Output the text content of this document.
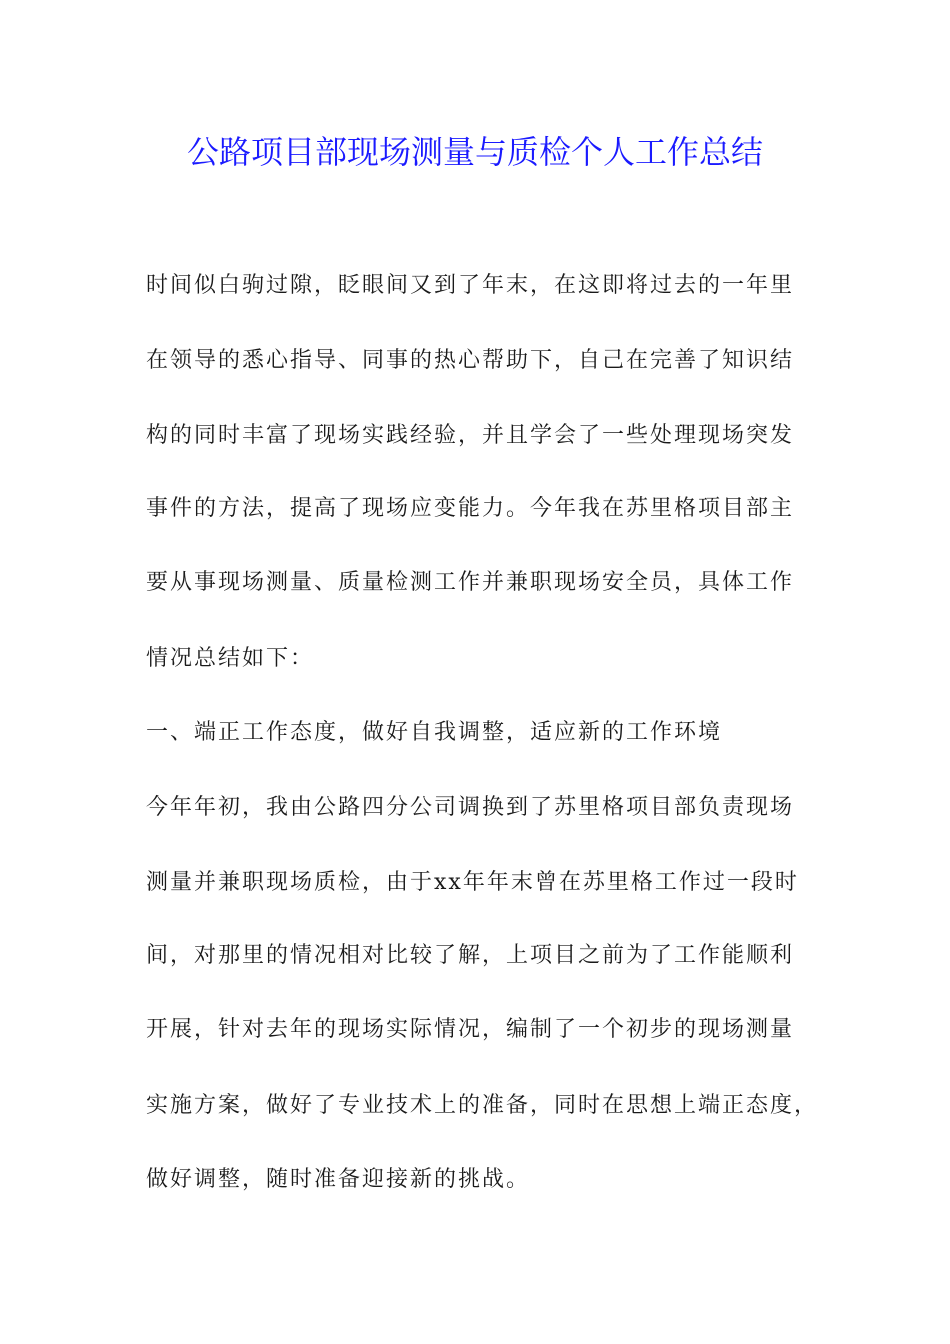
公路项目部现场测量与质检个人工作总结
时间似白驹过隙，眨眼间又到了年末，在这即将过去的一年里
在领导的悉心指导、同事的热心帮助下，自己在完善了知识结
构的同时丰富了现场实践经验，并且学会了一些处理现场突发
事件的方法，提高了现场应变能力。今年我在苏里格项目部主
要从事现场测量、质量检测工作并兼职现场安全员，具体工作
情况总结如下：
一、端正工作态度，做好自我调整，适应新的工作环境
今年年初，我由公路四分公司调换到了苏里格项目部负责现场
测量并兼职现场质检，由于xx年年末曾在苏里格工作过一段时
间，对那里的情况相对比较了解，上项目之前为了工作能顺利
开展，针对去年的现场实际情况，编制了一个初步的现场测量
实施方案，做好了专业技术上的准备，同时在思想上端正态度，
做好调整，随时准备迎接新的挑战。
